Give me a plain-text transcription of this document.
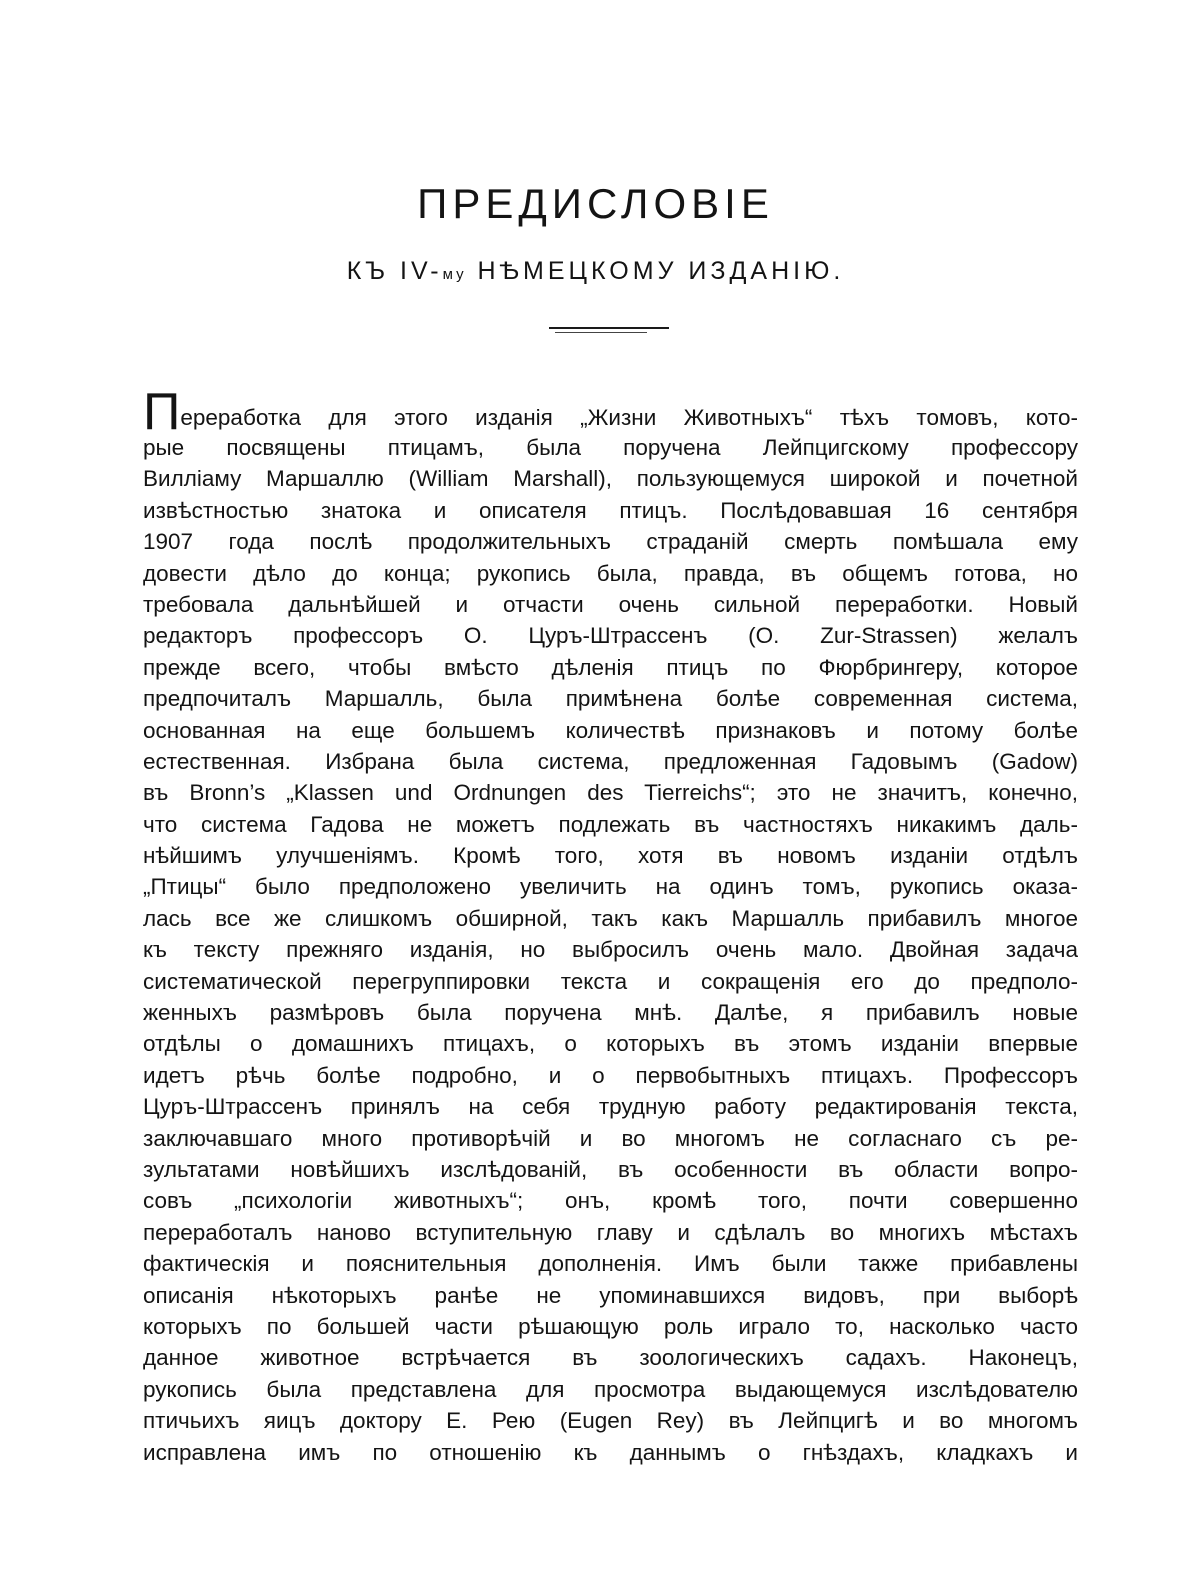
ПРЕДИСЛОВІЕ

КЪ IV-му НѢМЕЦКОМУ ИЗДАНІЮ.

Переработка для этого изданія „Жизни Животныхъ“ тѣхъ томовъ, кото-
рые посвящены птицамъ, была поручена Лейпцигскому профессору
Вилліаму Маршаллю (William Marshall), пользующемуся широкой и почетной
извѣстностью знатока и описателя птицъ. Послѣдовавшая 16 сентября
1907 года послѣ продолжительныхъ страданій смерть помѣшала ему
довести дѣло до конца; рукопись была, правда, въ общемъ готова, но
требовала дальнѣйшей и отчасти очень сильной переработки. Новый
редакторъ профессоръ О. Цуръ-Штрассенъ (O. Zur-Strassen) желалъ
прежде всего, чтобы вмѣсто дѣленія птицъ по Фюрбрингеру, которое
предпочиталъ Маршалль, была примѣнена болѣе современная система,
основанная на еще большемъ количествѣ признаковъ и потому болѣе
естественная. Избрана была система, предложенная Гадовымъ (Gadow)
въ Bronn’s „Klassen und Ordnungen des Tierreichs“; это не значитъ, конечно,
что система Гадова не можетъ подлежать въ частностяхъ никакимъ даль-
нѣйшимъ улучшеніямъ. Кромѣ того, хотя въ новомъ изданіи отдѣлъ
„Птицы“ было предположено увеличить на одинъ томъ, рукопись оказа-
лась все же слишкомъ обширной, такъ какъ Маршалль прибавилъ многое
къ тексту прежняго изданія, но выбросилъ очень мало. Двойная задача
систематической перегруппировки текста и сокращенія его до предполо-
женныхъ размѣровъ была поручена мнѣ. Далѣе, я прибавилъ новые
отдѣлы о домашнихъ птицахъ, о которыхъ въ этомъ изданіи впервые
идетъ рѣчь болѣе подробно, и о первобытныхъ птицахъ. Профессоръ
Цуръ-Штрассенъ принялъ на себя трудную работу редактированія текста,
заключавшаго много противорѣчій и во многомъ не согласнаго съ ре-
зультатами новѣйшихъ изслѣдованій, въ особенности въ области вопро-
совъ „психологіи животныхъ“; онъ, кромѣ того, почти совершенно
переработалъ наново вступительную главу и сдѣлалъ во многихъ мѣстахъ
фактическія и пояснительныя дополненія. Имъ были также прибавлены
описанія нѣкоторыхъ ранѣе не упоминавшихся видовъ, при выборѣ
которыхъ по большей части рѣшающую роль играло то, насколько часто
данное животное встрѣчается въ зоологическихъ садахъ. Наконецъ,
рукопись была представлена для просмотра выдающемуся изслѣдователю
птичьихъ яицъ доктору Е. Рею (Eugen Rey) въ Лейпцигѣ и во многомъ
исправлена имъ по отношенію къ даннымъ о гнѣздахъ, кладкахъ и
